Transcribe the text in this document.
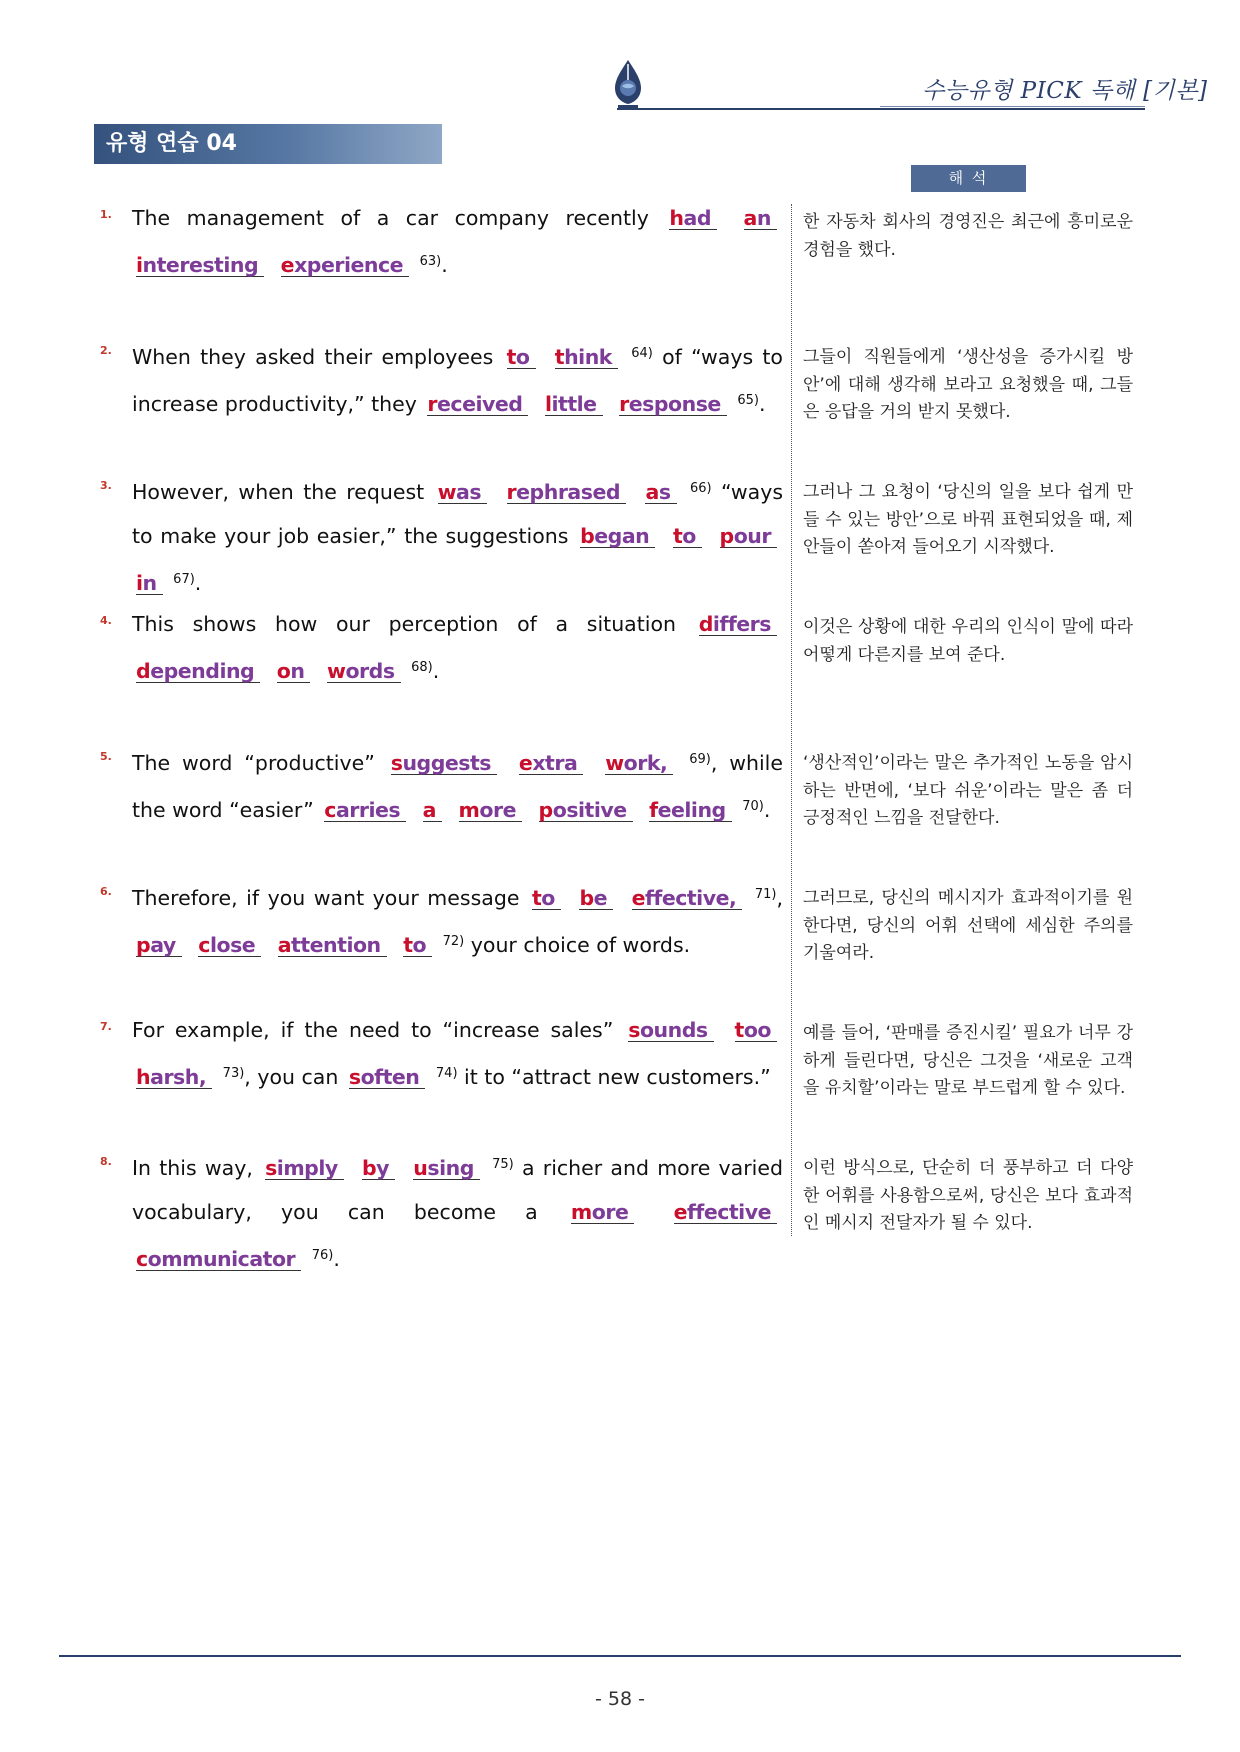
수능유형 PICK 독해 [기본]
유형 연습 04
해 석
1. The management of a car company recently had an interesting experience $^{63)}$.
한 자동차 회사의 경영진은 최근에 흥미로운 경험을 했다.
2. When they asked their employees to think $^{64)}$ of “ways to increase productivity,” they received little response $^{65)}$.
그들이 직원들에게 ‘생산성을 증가시킬 방안’에 대해 생각해 보라고 요청했을 때, 그들은 응답을 거의 받지 못했다.
3. However, when the request was rephrased as $^{66)}$ “ways to make your job easier,” the suggestions began to pour in $^{67)}$.
그러나 그 요청이 ‘당신의 일을 보다 쉽게 만들 수 있는 방안’으로 바꿔 표현되었을 때, 제안들이 쏟아져 들어오기 시작했다.
4. This shows how our perception of a situation differs depending on words $^{68)}$.
이것은 상황에 대한 우리의 인식이 말에 따라 어떻게 다른지를 보여 준다.
5. The word “productive” suggests extra work, $^{69)}$, while the word “easier” carries a more positive feeling $^{70)}$.
‘생산적인’이라는 말은 추가적인 노동을 암시하는 반면에, ‘보다 쉬운’이라는 말은 좀 더 긍정적인 느낌을 전달한다.
6. Therefore, if you want your message to be effective, $^{71)}$, pay close attention to $^{72)}$ your choice of words.
그러므로, 당신의 메시지가 효과적이기를 원한다면, 당신의 어휘 선택에 세심한 주의를 기울여라.
7. For example, if the need to “increase sales” sounds too harsh, $^{73)}$, you can soften $^{74)}$ it to “attract new customers.”
예를 들어, ‘판매를 증진시킬’ 필요가 너무 강하게 들린다면, 당신은 그것을 ‘새로운 고객을 유치할’이라는 말로 부드럽게 할 수 있다.
8. In this way, simply by using $^{75)}$ a richer and more varied vocabulary, you can become a more effective communicator $^{76)}$.
이런 방식으로, 단순히 더 풍부하고 더 다양한 어휘를 사용함으로써, 당신은 보다 효과적인 메시지 전달자가 될 수 있다.
- 58 -
